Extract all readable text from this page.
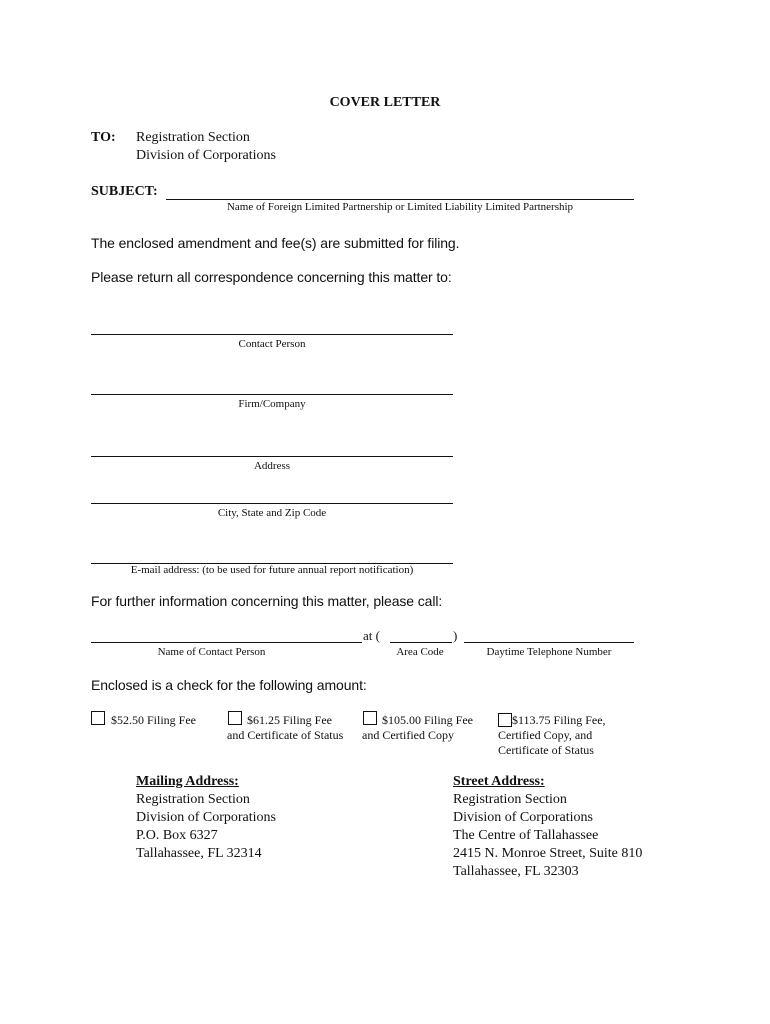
COVER LETTER
TO: Registration Section
Division of Corporations
SUBJECT:
Name of Foreign Limited Partnership or Limited Liability Limited Partnership
The enclosed amendment and fee(s) are submitted for filing.
Please return all correspondence concerning this matter to:
Contact Person
Firm/Company
Address
City, State and Zip Code
E-mail address: (to be used for future annual report notification)
For further information concerning this matter, please call:
at (	)
Name of Contact Person	Area Code	Daytime Telephone Number
Enclosed is a check for the following amount:
$52.50 Filing Fee	$61.25 Filing Fee and Certificate of Status
$105.00 Filing Fee and Certified Copy
$113.75 Filing Fee, Certified Copy, and Certificate of Status
Mailing Address:
Registration Section
Division of Corporations
P.O. Box 6327
Tallahassee, FL 32314
Street Address:
Registration Section
Division of Corporations
The Centre of Tallahassee
2415 N. Monroe Street, Suite 810
Tallahassee, FL 32303
